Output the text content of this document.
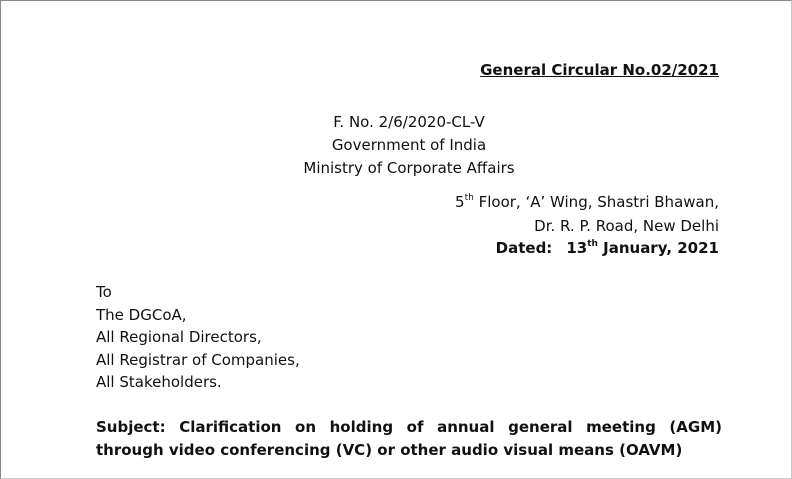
General Circular No.02/2021
F. No. 2/6/2020-CL-V
Government of India
Ministry of Corporate Affairs
5th Floor, ‘A’ Wing, Shastri Bhawan,
Dr. R. P. Road, New Delhi
Dated: 13th January, 2021
To
The DGCoA,
All Regional Directors,
All Registrar of Companies,
All Stakeholders.
Subject: Clarification on holding of annual general meeting (AGM) through video conferencing (VC) or other audio visual means (OAVM)
